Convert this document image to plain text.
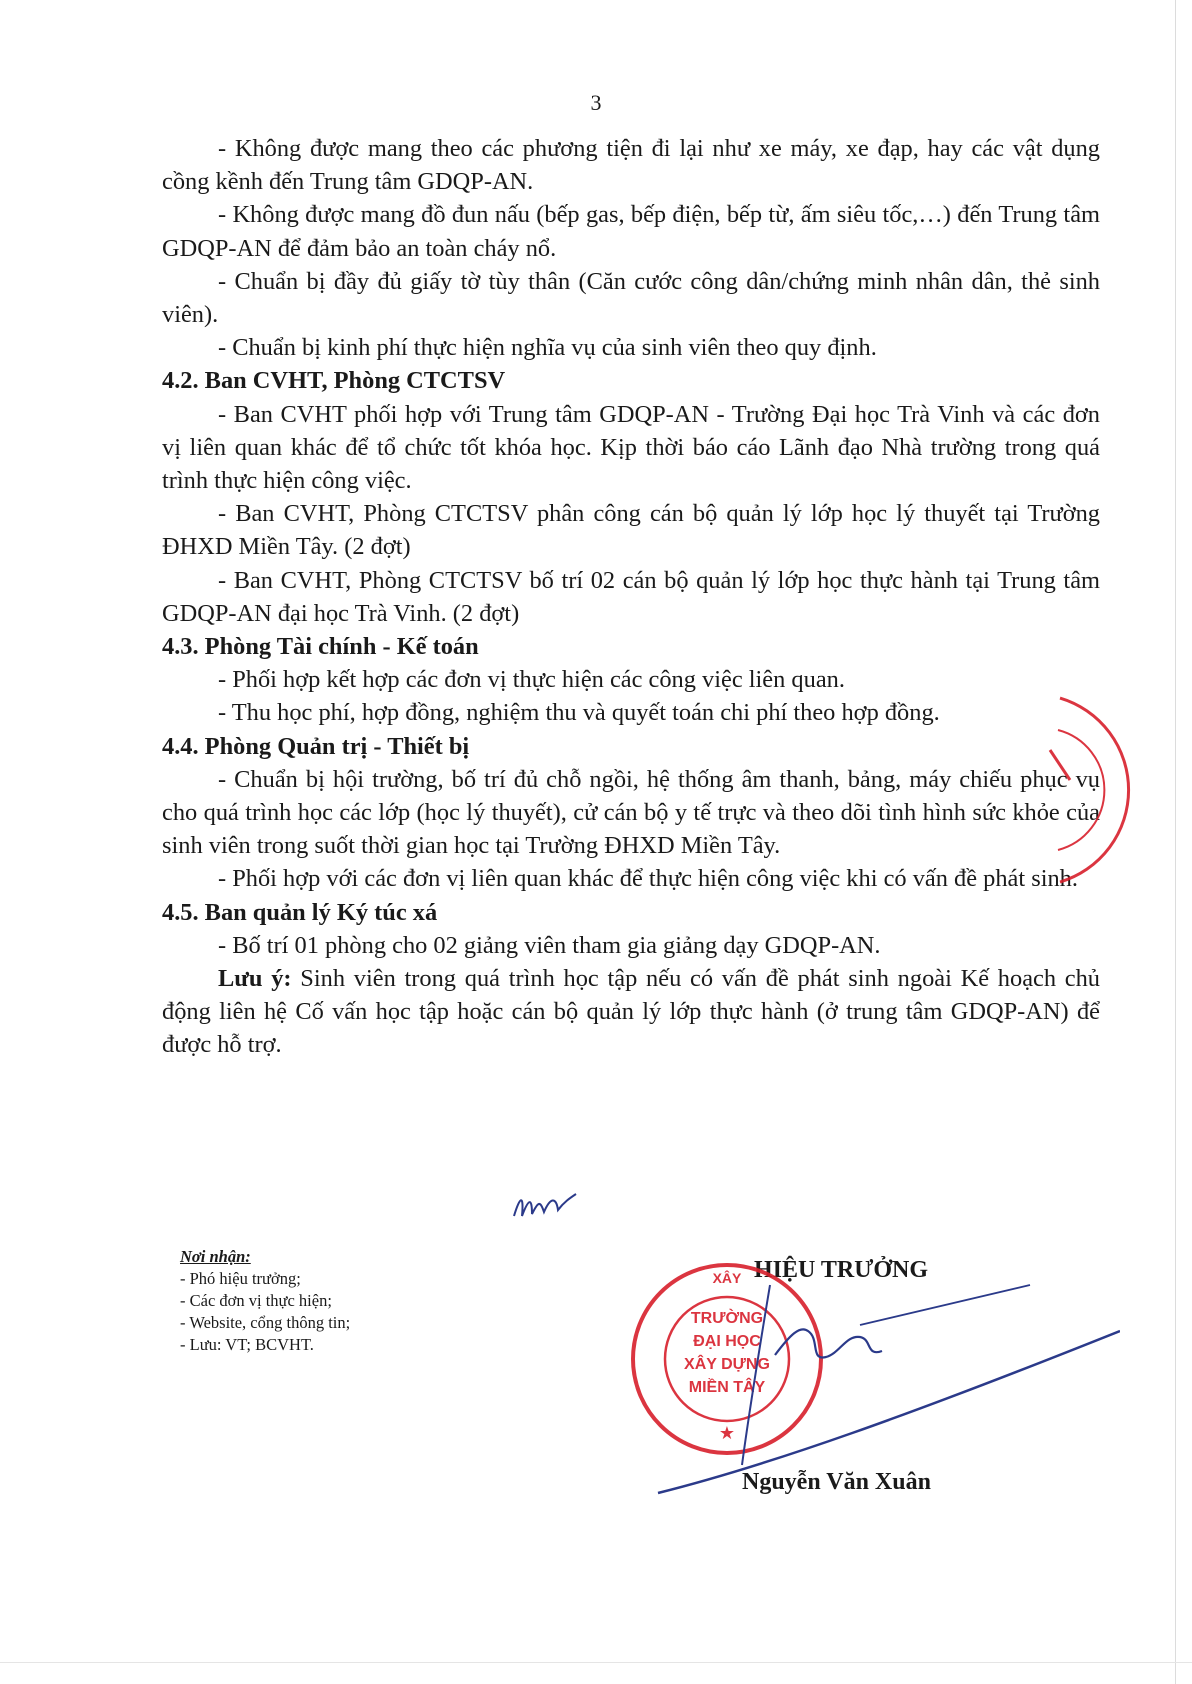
3

- Không được mang theo các phương tiện đi lại như xe máy, xe đạp, hay các vật dụng cồng kềnh đến Trung tâm GDQP-AN.

- Không được mang đồ đun nấu (bếp gas, bếp điện, bếp từ, ấm siêu tốc,…) đến Trung tâm GDQP-AN để đảm bảo an toàn cháy nổ.

- Chuẩn bị đầy đủ giấy tờ tùy thân (Căn cước công dân/chứng minh nhân dân, thẻ sinh viên).

- Chuẩn bị kinh phí thực hiện nghĩa vụ của sinh viên theo quy định.

4.2. Ban CVHT, Phòng CTCTSV

- Ban CVHT phối hợp với Trung tâm GDQP-AN - Trường Đại học Trà Vinh và các đơn vị liên quan khác để tổ chức tốt khóa học. Kịp thời báo cáo Lãnh đạo Nhà trường trong quá trình thực hiện công việc.

- Ban CVHT, Phòng CTCTSV phân công cán bộ quản lý lớp học lý thuyết tại Trường ĐHXD Miền Tây. (2 đợt)

- Ban CVHT, Phòng CTCTSV bố trí 02 cán bộ quản lý lớp học thực hành tại Trung tâm GDQP-AN đại học Trà Vinh. (2 đợt)

4.3. Phòng Tài chính - Kế toán

- Phối hợp kết hợp các đơn vị thực hiện các công việc liên quan.

- Thu học phí, hợp đồng, nghiệm thu và quyết toán chi phí theo hợp đồng.

4.4. Phòng Quản trị - Thiết bị

- Chuẩn bị hội trường, bố trí đủ chỗ ngồi, hệ thống âm thanh, bảng, máy chiếu phục vụ cho quá trình học các lớp (học lý thuyết), cử cán bộ y tế trực và theo dõi tình hình sức khỏe của sinh viên trong suốt thời gian học tại Trường ĐHXD Miền Tây.

- Phối hợp với các đơn vị liên quan khác để thực hiện công việc khi có vấn đề phát sinh.

4.5. Ban quản lý Ký túc xá

- Bố trí 01 phòng cho 02 giảng viên tham gia giảng dạy GDQP-AN.

Lưu ý: Sinh viên trong quá trình học tập nếu có vấn đề phát sinh ngoài Kế hoạch chủ động liên hệ Cố vấn học tập hoặc cán bộ quản lý lớp thực hành (ở trung tâm GDQP-AN) để được hỗ trợ.

Nơi nhận:
- Phó hiệu trưởng;
- Các đơn vị thực hiện;
- Website, cổng thông tin;
- Lưu: VT; BCVHT.
HIỆU TRƯỞNG
XÂY
TRƯỜNG
ĐẠI HỌC
XÂY DỰNG
MIỀN TÂY
★
Nguyễn Văn Xuân
